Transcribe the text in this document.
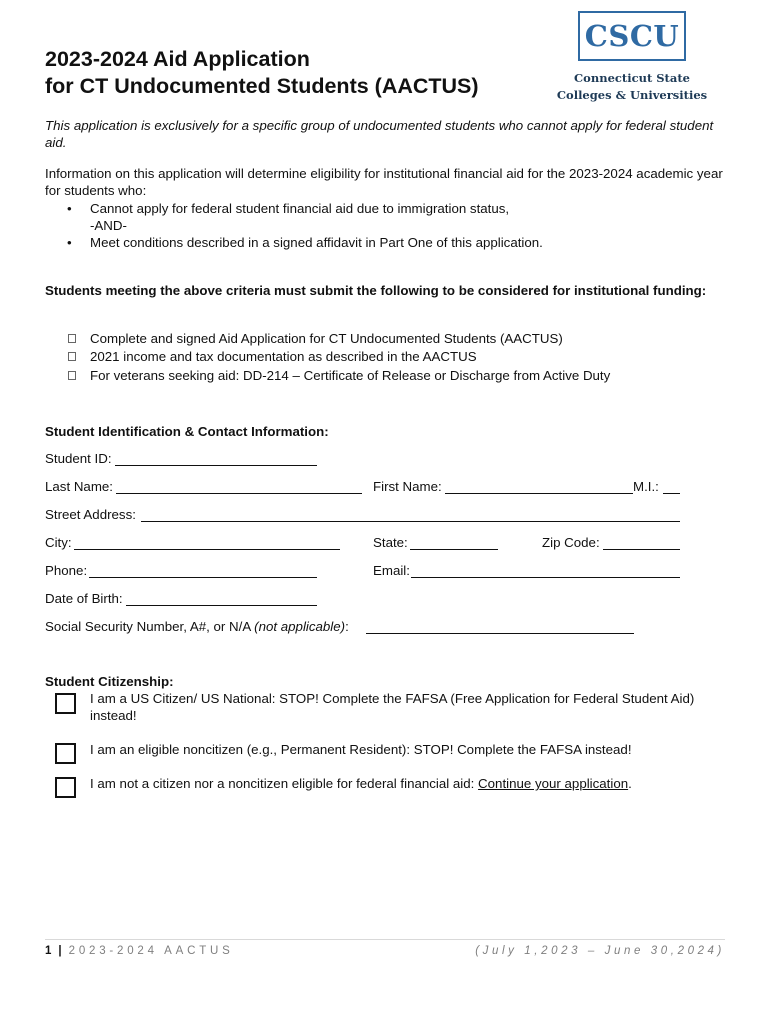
2023-2024 Aid Application
for CT Undocumented Students (AACTUS)
CSCU
Connecticut State
Colleges & Universities
This application is exclusively for a specific group of undocumented students who cannot apply for federal student aid.
Information on this application will determine eligibility for institutional financial aid for the 2023-2024 academic year for students who:
• Cannot apply for federal student financial aid due to immigration status,
-AND-
• Meet conditions described in a signed affidavit in Part One of this application.
Students meeting the above criteria must submit the following to be considered for institutional funding:
Complete and signed Aid Application for CT Undocumented Students (AACTUS)
2021 income and tax documentation as described in the AACTUS
For veterans seeking aid: DD-214 – Certificate of Release or Discharge from Active Duty
Student Identification & Contact Information:
Student ID:
Last Name:	First Name:	M.I.:
Street Address:
City:	State:	Zip Code:
Phone:	Email:
Date of Birth:
Social Security Number, A#, or N/A (not applicable):
Student Citizenship:
I am a US Citizen/ US National: STOP! Complete the FAFSA (Free Application for Federal Student Aid) instead!
I am an eligible noncitizen (e.g., Permanent Resident): STOP! Complete the FAFSA instead!
I am not a citizen nor a noncitizen eligible for federal financial aid: Continue your application.
1 | 2023-2024 AACTUS	(July 1,2023 – June 30,2024)
